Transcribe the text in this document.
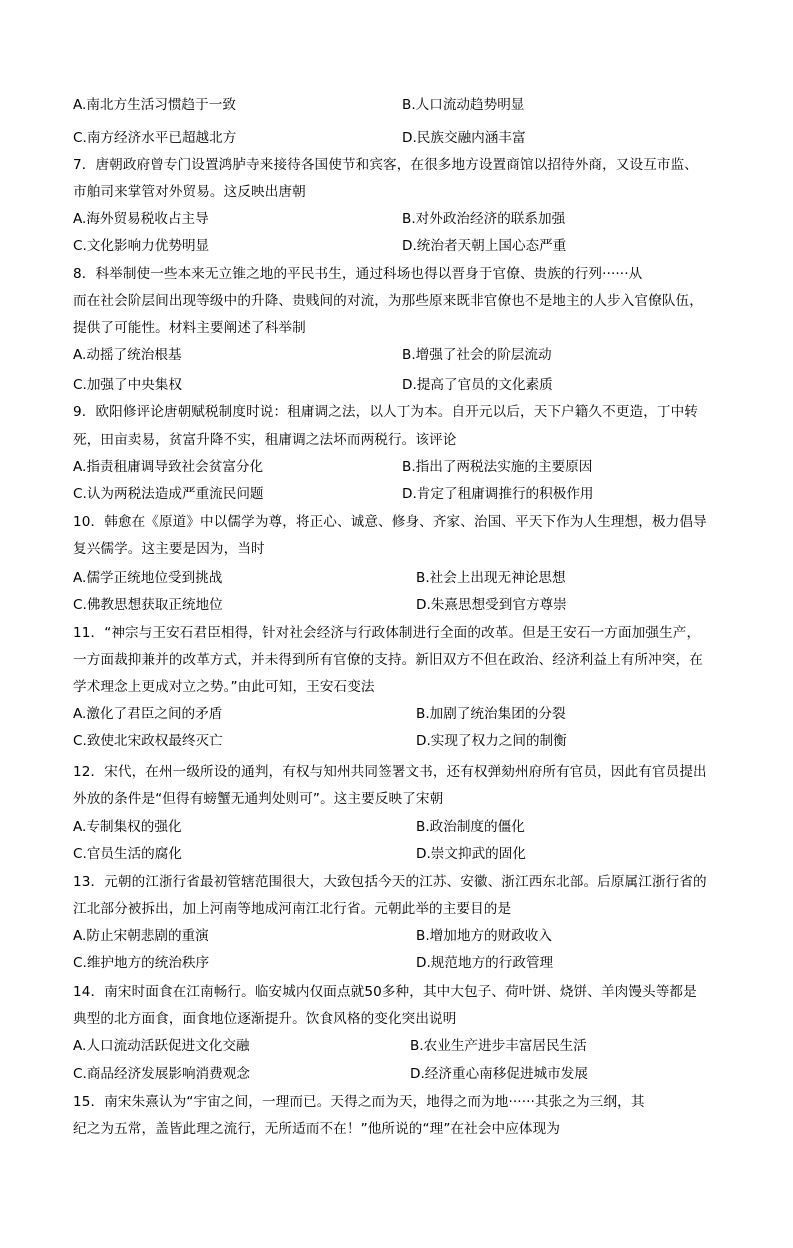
A.南北方生活习惯趋于一致	B.人口流动趋势明显
C.南方经济水平已超越北方	D.民族交融内涵丰富
7．唐朝政府曾专门设置鸿胪寺来接待各国使节和宾客，在很多地方设置商馆以招待外商，又设互市监、
市舶司来掌管对外贸易。这反映出唐朝
A.海外贸易税收占主导	B.对外政治经济的联系加强
C.文化影响力优势明显	D.统治者天朝上国心态严重
8．科举制使一些本来无立锥之地的平民书生，通过科场也得以晋身于官僚、贵族的行列······从
而在社会阶层间出现等级中的升降、贵贱间的对流，为那些原来既非官僚也不是地主的人步入官僚队伍，
提供了可能性。材料主要阐述了科举制
A.动摇了统治根基	B.增强了社会的阶层流动
C.加强了中央集权	D.提高了官员的文化素质
9．欧阳修评论唐朝赋税制度时说：租庸调之法，以人丁为本。自开元以后，天下户籍久不更造，丁中转
死，田亩卖易，贫富升降不实，租庸调之法坏而两税行。该评论
A.指责租庸调导致社会贫富分化	B.指出了两税法实施的主要原因
C.认为两税法造成严重流民问题	D.肯定了租庸调推行的积极作用
10．韩愈在《原道》中以儒学为尊，将正心、诚意、修身、齐家、治国、平天下作为人生理想，极力倡导
复兴儒学。这主要是因为，当时
A.儒学正统地位受到挑战	B.社会上出现无神论思想
C.佛教思想获取正统地位	D.朱熹思想受到官方尊崇
11．“神宗与王安石君臣相得，针对社会经济与行政体制进行全面的改革。但是王安石一方面加强生产，
一方面裁抑兼并的改革方式，并未得到所有官僚的支持。新旧双方不但在政治、经济利益上有所冲突，在
学术理念上更成对立之势。”由此可知，王安石变法
A.激化了君臣之间的矛盾	B.加剧了统治集团的分裂
C.致使北宋政权最终灭亡	D.实现了权力之间的制衡
12．宋代，在州一级所设的通判，有权与知州共同签署文书，还有权弹劾州府所有官员，因此有官员提出
外放的条件是“但得有螃蟹无通判处则可”。这主要反映了宋朝
A.专制集权的强化	B.政治制度的僵化
C.官员生活的腐化	D.崇文抑武的固化
13．元朝的江浙行省最初管辖范围很大，大致包括今天的江苏、安徽、浙江西东北部。后原属江浙行省的
江北部分被拆出，加上河南等地成河南江北行省。元朝此举的主要目的是
A.防止宋朝悲剧的重演	B.增加地方的财政收入
C.维护地方的统治秩序	D.规范地方的行政管理
14．南宋时面食在江南畅行。临安城内仅面点就50多种，其中大包子、荷叶饼、烧饼、羊肉馒头等都是
典型的北方面食，面食地位逐渐提升。饮食风格的变化突出说明
A.人口流动活跃促进文化交融	B.农业生产进步丰富居民生活
C.商品经济发展影响消费观念	D.经济重心南移促进城市发展
15．南宋朱熹认为“宇宙之间，一理而已。天得之而为天，地得之而为地······其张之为三纲，其
纪之为五常，盖皆此理之流行，无所适而不在！”他所说的“理”在社会中应体现为
